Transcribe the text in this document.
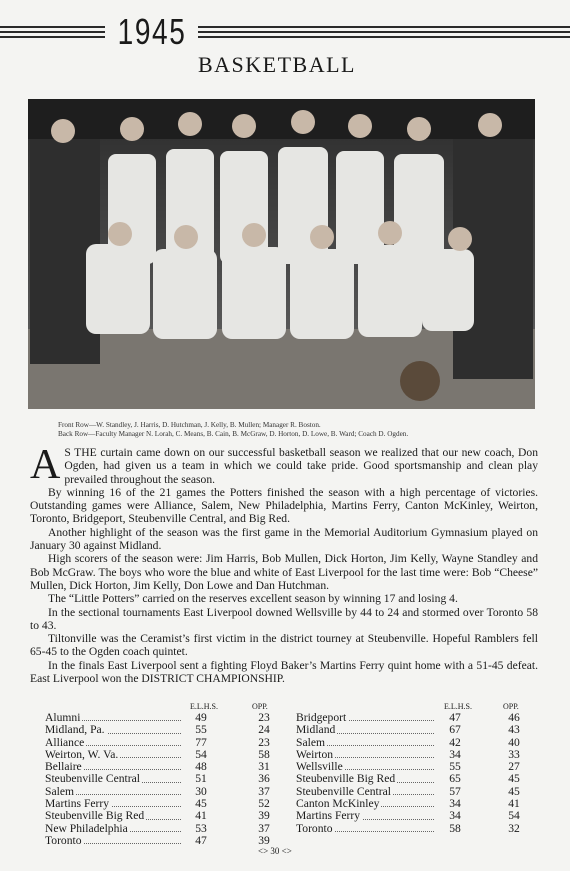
1945
BASKETBALL
Front Row—W. Standley, J. Harris, D. Hutchman, J. Kelly, B. Mullen; Manager R. Boston.
Back Row—Faculty Manager N. Lorah, C. Means, B. Cain, B. McGraw, D. Horton, D. Lowe, B. Ward; Coach D. Ogden.

A S THE curtain came down on our successful basketball season we realized that our new coach, Don Ogden, had given us a team in which we could take pride. Good sportsmanship and clean play prevailed throughout the season.

By winning 16 of the 21 games the Potters finished the season with a high percentage of victories. Outstanding games were Alliance, Salem, New Philadelphia, Martins Ferry, Canton McKinley, Weirton, Toronto, Bridgeport, Steubenville Central, and Big Red.

Another highlight of the season was the first game in the Memorial Auditorium Gymnasium played on January 30 against Midland.

High scorers of the season were: Jim Harris, Bob Mullen, Dick Horton, Jim Kelly, Wayne Standley and Bob McGraw. The boys who wore the blue and white of East Liverpool for the last time were: Bob “Cheese” Mullen, Dick Horton, Jim Kelly, Don Lowe and Dan Hutchman.

The “Little Potters” carried on the reserves excellent season by winning 17 and losing 4.

In the sectional tournaments East Liverpool downed Wellsville by 44 to 24 and stormed over Toronto 58 to 43.

Tiltonville was the Ceramist’s first victim in the district tourney at Steubenville. Hopeful Ramblers fell 65-45 to the Ogden coach quintet.

In the finals East Liverpool sent a fighting Floyd Baker’s Martins Ferry quint home with a 51-45 defeat. East Liverpool won the DISTRICT CHAMPIONSHIP.

E.L.H.S.	OPP.
Alumni	49	23
Midland, Pa.	55	24
Alliance	77	23
Weirton, W. Va.	54	58
Bellaire	48	31
Steubenville Central	51	36
Salem	30	37
Martins Ferry	45	52
Steubenville Big Red	41	39
New Philadelphia	53	37
Toronto	47	39
E.L.H.S.	OPP.
Bridgeport	47	46
Midland	67	43
Salem	42	40
Weirton	34	33
Wellsville	55	27
Steubenville Big Red	65	45
Steubenville Central	57	45
Canton McKinley	34	41
Martins Ferry	34	54
Toronto	58	32
<> 30 <>
